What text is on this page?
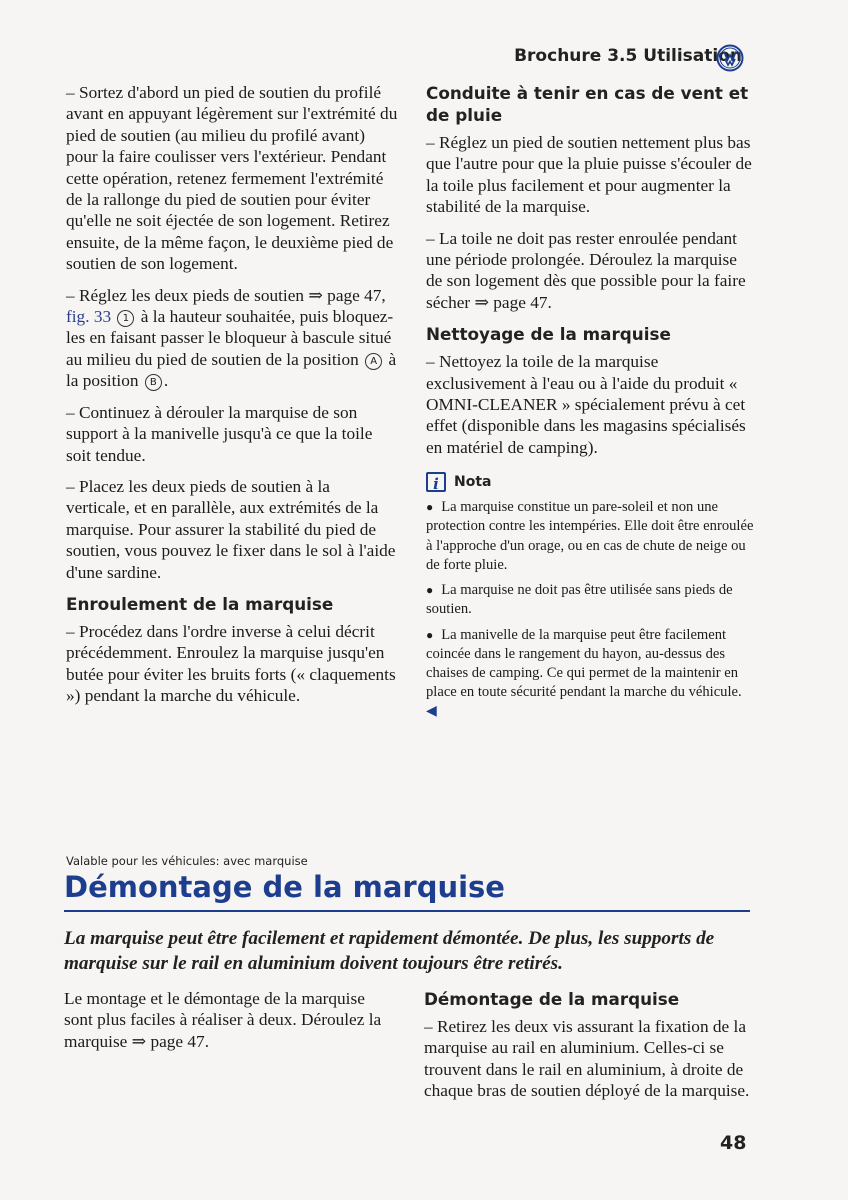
Brochure 3.5 Utilisation

– Sortez d'abord un pied de soutien du profilé avant en appuyant légèrement sur l'extrémité du pied de soutien (au milieu du profilé avant) pour la faire coulisser vers l'extérieur. Pendant cette opération, retenez fermement l'extrémité de la rallonge du pied de soutien pour éviter qu'elle ne soit éjectée de son logement. Retirez ensuite, de la même façon, le deuxième pied de soutien de son logement.

– Réglez les deux pieds de soutien ⇒ page 47, fig. 33 1 à la hauteur souhaitée, puis bloquez-les en faisant passer le bloqueur à bascule situé au milieu du pied de soutien de la position A à la position B .

– Continuez à dérouler la marquise de son support à la manivelle jusqu'à ce que la toile soit tendue.

– Placez les deux pieds de soutien à la verticale, et en parallèle, aux extrémités de la marquise. Pour assurer la stabilité du pied de soutien, vous pouvez le fixer dans le sol à l'aide d'une sardine.

Enroulement de la marquise

– Procédez dans l'ordre inverse à celui décrit précédemment. Enroulez la marquise jusqu'en butée pour éviter les bruits forts (« claquements ») pendant la marche du véhicule.

Conduite à tenir en cas de vent et de pluie

– Réglez un pied de soutien nettement plus bas que l'autre pour que la pluie puisse s'écouler de la toile plus facilement et pour augmenter la stabilité de la marquise.

– La toile ne doit pas rester enroulée pendant une période prolongée. Déroulez la marquise de son logement dès que possible pour la faire sécher ⇒ page 47.

Nettoyage de la marquise

– Nettoyez la toile de la marquise exclusivement à l'eau ou à l'aide du produit « OMNI-CLEANER » spécialement prévu à cet effet (disponible dans les magasins spécialisés en matériel de camping).

i	Nota

● La marquise constitue un pare-soleil et non une protection contre les intempéries. Elle doit être enroulée à l'approche d'un orage, ou en cas de chute de neige ou de forte pluie.

● La marquise ne doit pas être utilisée sans pieds de soutien.

● La manivelle de la marquise peut être facilement coincée dans le rangement du hayon, au-dessus des chaises de camping. Ce qui permet de la maintenir en place en toute sécurité pendant la marche du véhicule. ◀

Valable pour les véhicules: avec marquise
Démontage de la marquise
La marquise peut être facilement et rapidement démontée. De plus, les supports de marquise sur le rail en aluminium doivent toujours être retirés.

Le montage et le démontage de la marquise sont plus faciles à réaliser à deux. Déroulez la marquise ⇒ page 47.

Démontage de la marquise

– Retirez les deux vis assurant la fixation de la marquise au rail en aluminium. Celles-ci se trouvent dans le rail en aluminium, à droite de chaque bras de soutien déployé de la marquise.

48
